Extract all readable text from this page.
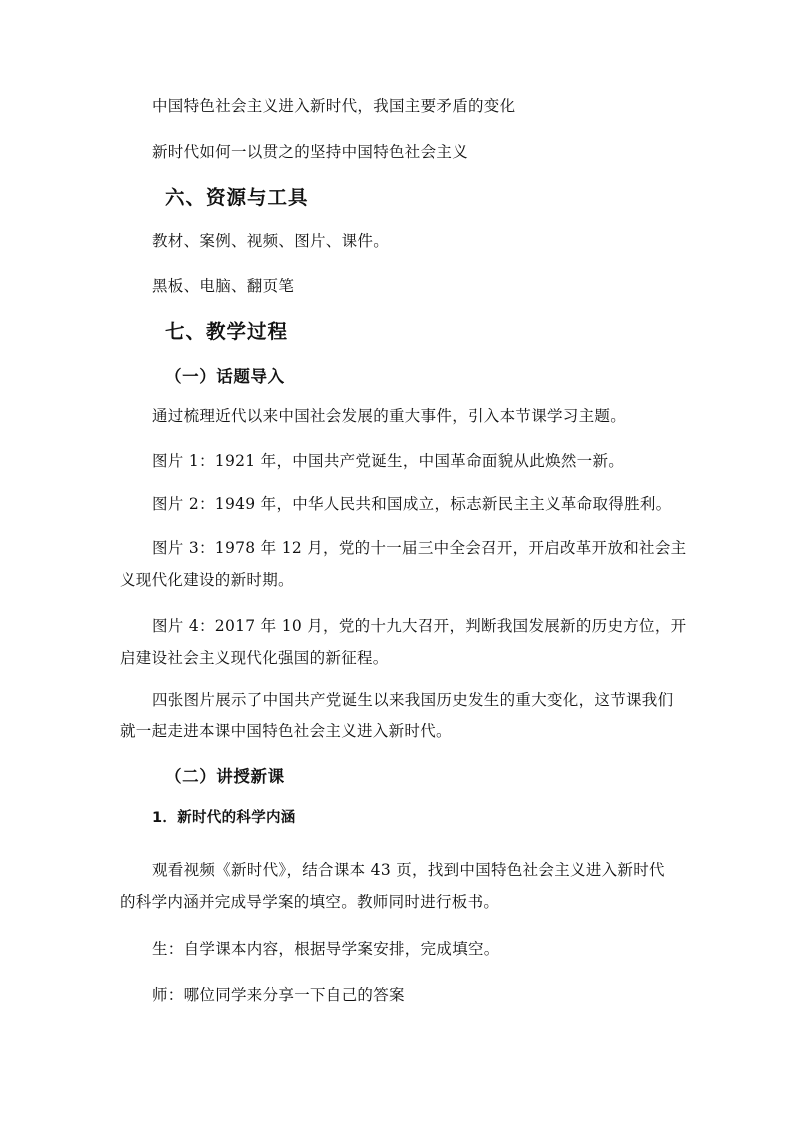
中国特色社会主义进入新时代，我国主要矛盾的变化
新时代如何一以贯之的坚持中国特色社会主义
六、资源与工具
教材、案例、视频、图片、课件。
黑板、电脑、翻页笔
七、教学过程
（一）话题导入
通过梳理近代以来中国社会发展的重大事件，引入本节课学习主题。
图片 1：1921 年，中国共产党诞生，中国革命面貌从此焕然一新。
图片 2：1949 年，中华人民共和国成立，标志新民主主义革命取得胜利。
图片 3：1978 年 12 月，党的十一届三中全会召开，开启改革开放和社会主
义现代化建设的新时期。
图片 4：2017 年 10 月，党的十九大召开，判断我国发展新的历史方位，开
启建设社会主义现代化强国的新征程。
四张图片展示了中国共产党诞生以来我国历史发生的重大变化，这节课我们
就一起走进本课中国特色社会主义进入新时代。
（二）讲授新课
1．新时代的科学内涵
观看视频《新时代》，结合课本 43 页，找到中国特色社会主义进入新时代
的科学内涵并完成导学案的填空。教师同时进行板书。
生：自学课本内容，根据导学案安排，完成填空。
师：哪位同学来分享一下自己的答案
